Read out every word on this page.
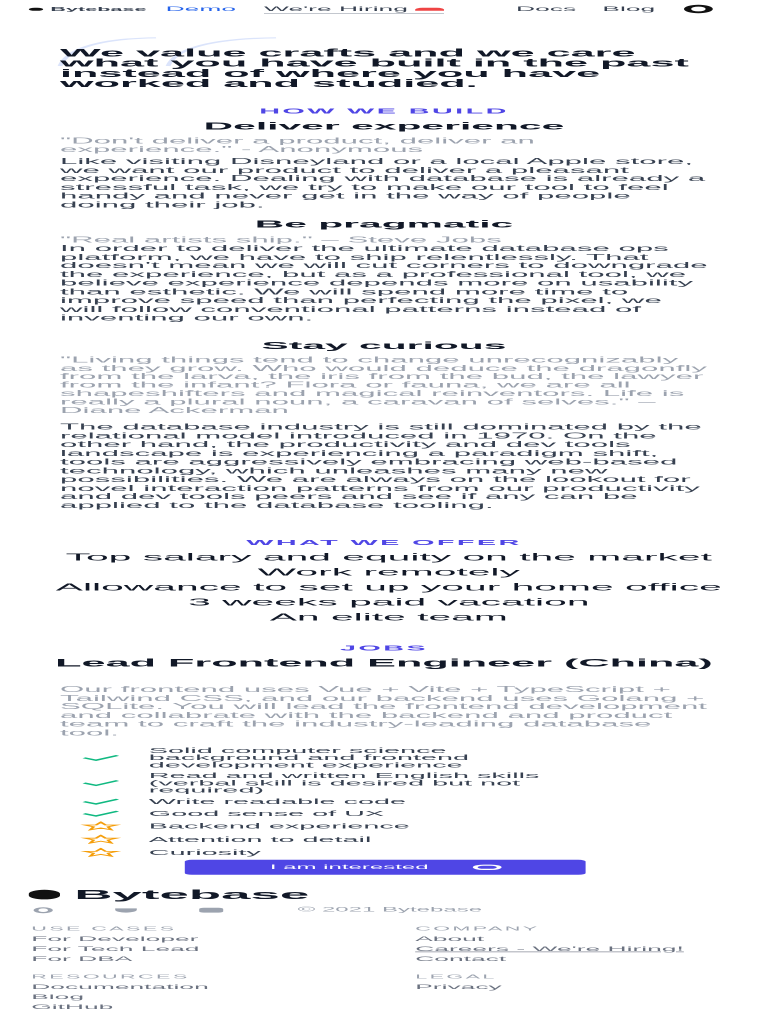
Bytebase Demo	We're Hiring	Docs Blog
We value crafts and we care what you have built in the past instead of where you have worked and studied.
HOW WE BUILD
Deliver experience
"Don't deliver a product, deliver an experience." - Anonymous
Like visiting Disneyland or a local Apple store, we want our product to deliver a pleasant experience. Dealing with database is already a stressful task, we try to make our tool to feel handy and never get in the way of people doing their job.
Be pragmatic
"Real artists ship." – Steve Jobs
In order to deliver the ultimate database ops platform, we have to ship relentlessly. That doesn't mean we will cut corners to downgrade the experience, but as a professional tool, we believe experience depends more on usability than esthetic. We will spend more time to improve speed than perfecting the pixel, we will follow conventional patterns instead of inventing our own.
Stay curious
"Living things tend to change unrecognizably as they grow. Who would deduce the dragonfly from the larva, the iris from the bud, the lawyer from the infant? Flora or fauna, we are all shapeshifters and magical reinventors. Life is really a plural noun, a caravan of selves." – Diane Ackerman
The database industry is still dominated by the relational model introduced in 1970. On the other hand, the productivity and dev tools landscape is experiencing a paradigm shift, tools are aggressively embracing web-based technology, which unleashes many new possibilities. We are always on the lookout for novel interaction patterns from our productivity and dev tools peers and see if any can be applied to the database tooling.
WHAT WE OFFER
Top salary and equity on the market
Work remotely
Allowance to set up your home office
3 weeks paid vacation
An elite team
JOBS
Lead Frontend Engineer (China)
Our frontend uses Vue + Vite + TypeScript + Tailwind CSS, and our backend uses Golang + SQLite. You will lead the frontend development and collabrate with the backend and product team to craft the industry-leading database tool.
Solid computer science background and frontend development experience
Read and written English skills (verbal skill is desired but not required)
Write readable code
Good sense of UX
Backend experience
Attention to detail
Curiosity
I am interested
Bytebase
© 2021 Bytebase
USE CASES
For Developer
For Tech Lead
For DBA
COMPANY
About
Careers - We're Hiring!
Contact
RESOURCES
Documentation
Blog
GitHub
LEGAL
Privacy
